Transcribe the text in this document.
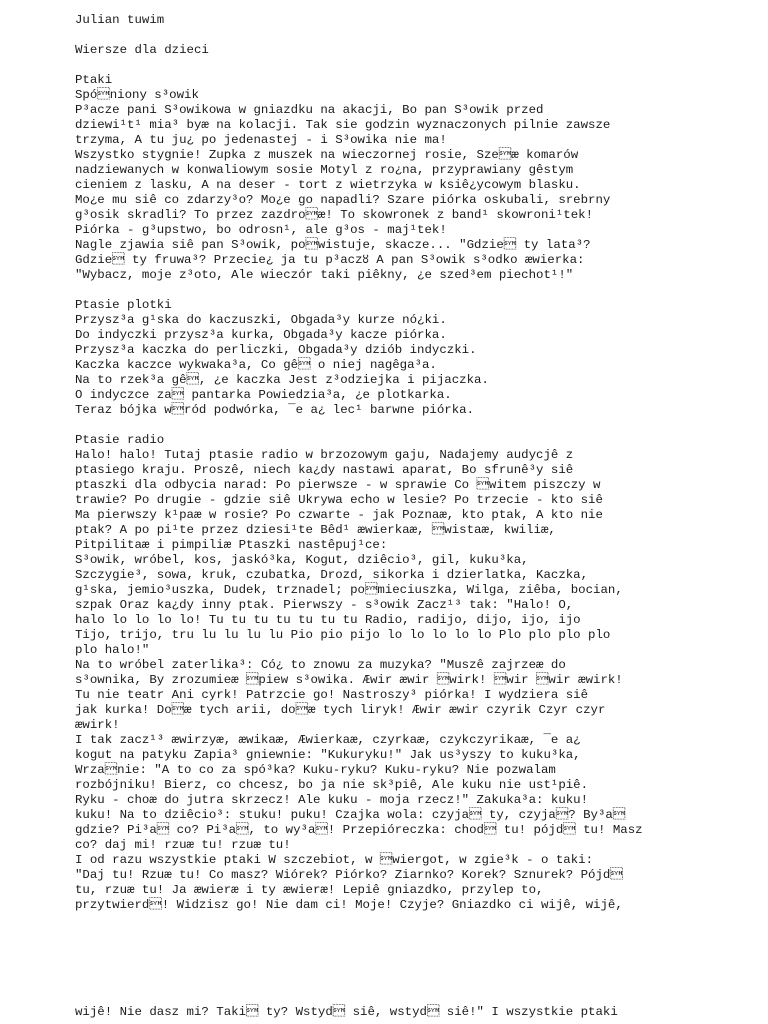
Julian tuwim
Wiersze dla dzieci
Ptaki
Spóniony s³owik
P³acze pani S³owikowa w gniazdku na akacji, Bo pan S³owik przed
dziewi¹t¹ mia³ byæ na kolacji. Tak sie godzin wyznaczonych pilnie zawsze
trzyma, A tu ju¿ po jedenastej - i S³owika nie ma!
Wszystko stygnie! Zupka z muszek na wieczornej rosie, Szeæ komarów
nadziewanych w konwaliowym sosie Motyl z ro¿na, przyprawiany gêstym
cieniem z lasku, A na deser - tort z wietrzyka w ksiê¿ycowym blasku.
Mo¿e mu siê co zdarzy³o? Mo¿e go napadli? Szare piórka oskubali, srebrny
g³osik skradli? To przez zazdroæ! To skowronek z band¹ skowroni¹tek!
Piórka - g³upstwo, bo odrosn¹, ale g³os - maj¹tek!
Nagle zjawia siê pan S³owik, powistuje, skacze... "Gdzie ty lata³?
Gdzie ty fruwa³? Przecie¿ ja tu p³acz꣔ A pan S³owik s³odko æwierka:
"Wybacz, moje z³oto, Ale wieczór taki piêkny, ¿e szed³em piechot¹!"
Ptasie plotki
Przysz³a g¹ska do kaczuszki, Obgada³y kurze nó¿ki.
Do indyczki przysz³a kurka, Obgada³y kacze piórka.
Przysz³a kaczka do perliczki, Obgada³y dziób indyczki.
Kaczka kaczce wykwaka³a, Co gê o niej nagêga³a.
Na to rzek³a gê, ¿e kaczka Jest z³odziejka i pijaczka.
O indyczce za pantarka Powiedzia³a, ¿e plotkarka.
Teraz bójka wród podwórka, ¯e a¿ lec¹ barwne piórka.
Ptasie radio
Halo! halo! Tutaj ptasie radio w brzozowym gaju, Nadajemy audycjê z
ptasiego kraju. Proszê, niech ka¿dy nastawi aparat, Bo sfrunê³y siê
ptaszki dla odbycia narad: Po pierwsze - w sprawie Co witem piszczy w
trawie? Po drugie - gdzie siê Ukrywa echo w lesie? Po trzecie - kto siê
Ma pierwszy k¹paæ w rosie? Po czwarte - jak Poznaæ, kto ptak, A kto nie
ptak? A po pi¹te przez dziesi¹te Bêd¹ æwierkaæ, wistaæ, kwiliæ,
Pitpilitaæ i pimpiliæ Ptaszki nastêpuj¹ce:
S³owik, wróbel, kos, jaskó³ka, Kogut, dziêcio³, gil, kuku³ka,
Szczygie³, sowa, kruk, czubatka, Drozd, sikorka i dzierlatka, Kaczka,
g¹ska, jemio³uszka, Dudek, trznadel; pomieciuszka, Wilga, ziêba, bocian,
szpak Oraz ka¿dy inny ptak. Pierwszy - s³owik Zacz¹³ tak: "Halo! O,
halo lo lo lo lo! Tu tu tu tu tu tu tu Radio, radijo, dijo, ijo, ijo
Tijo, trijo, tru lu lu lu lu Pio pio pijo lo lo lo lo lo Plo plo plo plo
plo halo!"
Na to wróbel zaterlika³: Có¿ to znowu za muzyka? "Muszê zajrzeæ do
s³ownika, By zrozumieæ piew s³owika. Æwir æwir wirk! wir wir æwirk!
Tu nie teatr Ani cyrk! Patrzcie go! Nastroszy³ piórka! I wydziera siê
jak kurka! Doæ tych arii, doæ tych liryk! Æwir æwir czyrik Czyr czyr
æwirk!
I tak zacz¹³ æwirzyæ, æwikaæ, Æwierkaæ, czyrkaæ, czykczyrikaæ, ¯e a¿
kogut na patyku Zapia³ gniewnie: "Kukuryku!" Jak us³yszy to kuku³ka,
Wrzanie: "A to co za spó³ka? Kuku-ryku? Kuku-ryku? Nie pozwalam
rozbójniku! Bierz, co chcesz, bo ja nie sk³piê, Ale kuku nie ust¹piê.
Ryku - choæ do jutra skrzecz! Ale kuku - moja rzecz!" Zakuka³a: kuku!
kuku! Na to dziêcio³: stuku! puku! Czajka wola: czyja ty, czyja? By³a
gdzie? Pi³a co? Pi³a, to wy³a! Przepióreczka: chod tu! pójd tu! Masz
co? daj mi! rzuæ tu! rzuæ tu!
I od razu wszystkie ptaki W szczebiot, w wiergot, w zgie³k - o taki:
"Daj tu! Rzuæ tu! Co masz? Wiórek? Piórko? Ziarnko? Korek? Sznurek? Pójd
tu, rzuæ tu! Ja æwieræ i ty æwieræ! Lepiê gniazdko, przylep to,
przytwierd! Widzisz go! Nie dam ci! Moje! Czyje? Gniazdko ci wijê, wijê,
wijê! Nie dasz mi? Taki ty? Wstyd siê, wstyd siê!" I wszystkie ptaki
